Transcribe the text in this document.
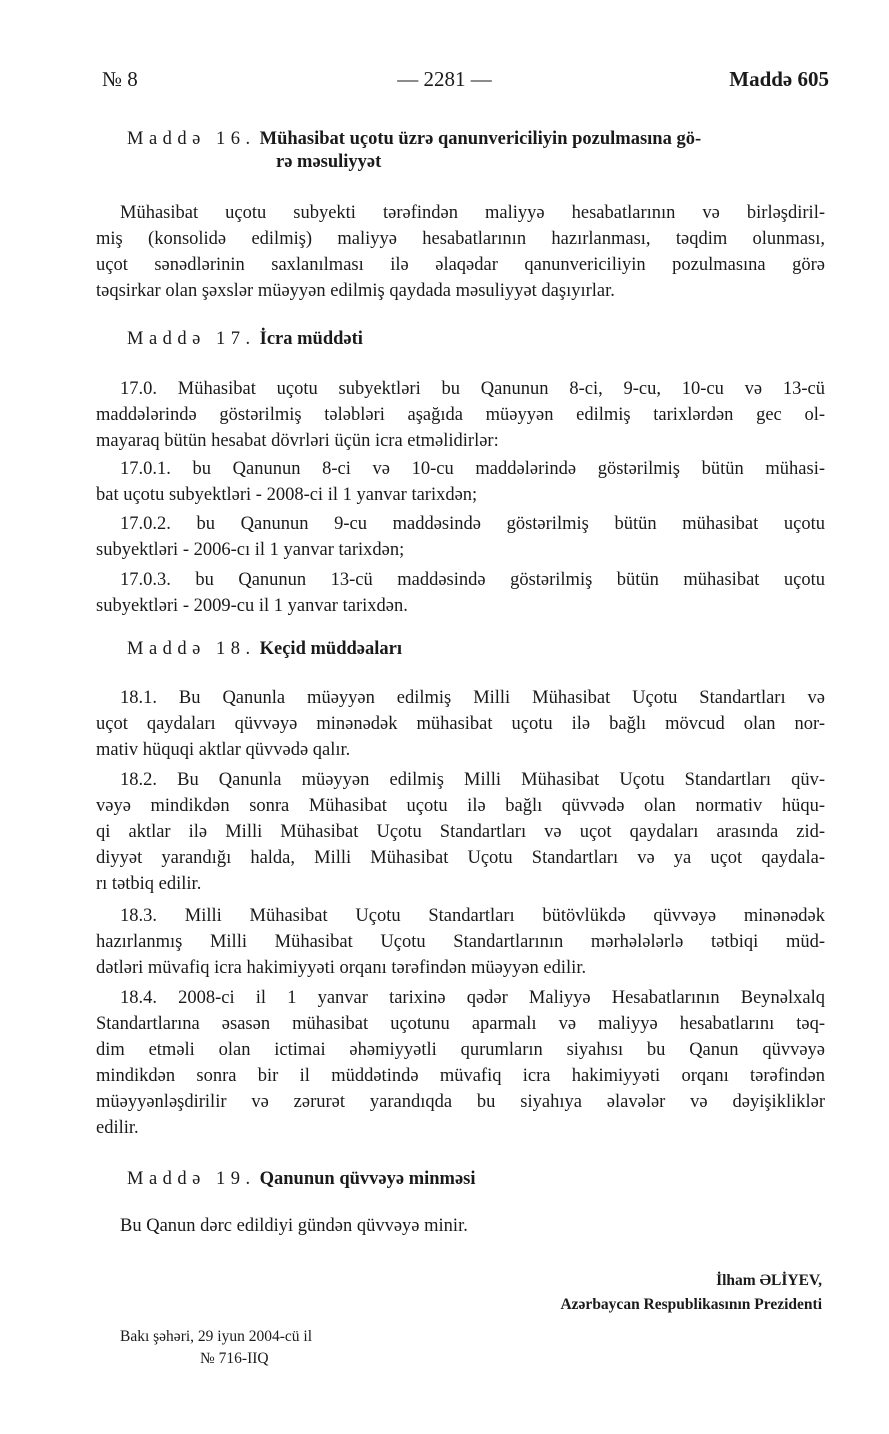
№ 8	— 2281 —	Maddə 605
Maddə 16. Mühasibat uçotu üzrə qanunvericiliyin pozulmasına gö-
rə məsuliyyət
Mühasibat uçotu subyekti tərəfindən maliyyə hesabatlarının və birləşdiril-
miş (konsolidə edilmiş) maliyyə hesabatlarının hazırlanması, təqdim olunması,
uçot sənədlərinin saxlanılması ilə əlaqədar qanunvericiliyin pozulmasına görə
təqsirkar olan şəxslər müəyyən edilmiş qaydada məsuliyyət daşıyırlar.
Maddə 17. İcra müddəti
17.0. Mühasibat uçotu subyektləri bu Qanunun 8-ci, 9-cu, 10-cu və 13-cü
maddələrində göstərilmiş tələbləri aşağıda müəyyən edilmiş tarixlərdən gec ol-
mayaraq bütün hesabat dövrləri üçün icra etməlidirlər:
17.0.1. bu Qanunun 8-ci və 10-cu maddələrində göstərilmiş bütün mühasi-
bat uçotu subyektləri - 2008-ci il 1 yanvar tarixdən;
17.0.2. bu Qanunun 9-cu maddəsində göstərilmiş bütün mühasibat uçotu
subyektləri - 2006-cı il 1 yanvar tarixdən;
17.0.3. bu Qanunun 13-cü maddəsində göstərilmiş bütün mühasibat uçotu
subyektləri - 2009-cu il 1 yanvar tarixdən.
Maddə 18. Keçid müddəaları
18.1. Bu Qanunla müəyyən edilmiş Milli Mühasibat Uçotu Standartları və
uçot qaydaları qüvvəyə minənədək mühasibat uçotu ilə bağlı mövcud olan nor-
mativ hüquqi aktlar qüvvədə qalır.
18.2. Bu Qanunla müəyyən edilmiş Milli Mühasibat Uçotu Standartları qüv-
vəyə mindikdən sonra Mühasibat uçotu ilə bağlı qüvvədə olan normativ hüqu-
qi aktlar ilə Milli Mühasibat Uçotu Standartları və uçot qaydaları arasında zid-
diyyət yarandığı halda, Milli Mühasibat Uçotu Standartları və ya uçot qaydala-
rı tətbiq edilir.
18.3. Milli Mühasibat Uçotu Standartları bütövlükdə qüvvəyə minənədək
hazırlanmış Milli Mühasibat Uçotu Standartlarının mərhələlərlə tətbiqi müd-
dətləri müvafiq icra hakimiyyəti orqanı tərəfindən müəyyən edilir.
18.4. 2008-ci il 1 yanvar tarixinə qədər Maliyyə Hesabatlarının Beynəlxalq
Standartlarına əsasən mühasibat uçotunu aparmalı və maliyyə hesabatlarını təq-
dim etməli olan ictimai əhəmiyyətli qurumların siyahısı bu Qanun qüvvəyə
mindikdən sonra bir il müddətində müvafiq icra hakimiyyəti orqanı tərəfindən
müəyyənləşdirilir və zərurət yarandıqda bu siyahıya əlavələr və dəyişikliklər
edilir.
Maddə 19. Qanunun qüvvəyə minməsi
Bu Qanun dərc edildiyi gündən qüvvəyə minir.
İlham ƏLİYEV,
Azərbaycan Respublikasının Prezidenti
Bakı şəhəri, 29 iyun 2004-cü il
№ 716-IIQ
